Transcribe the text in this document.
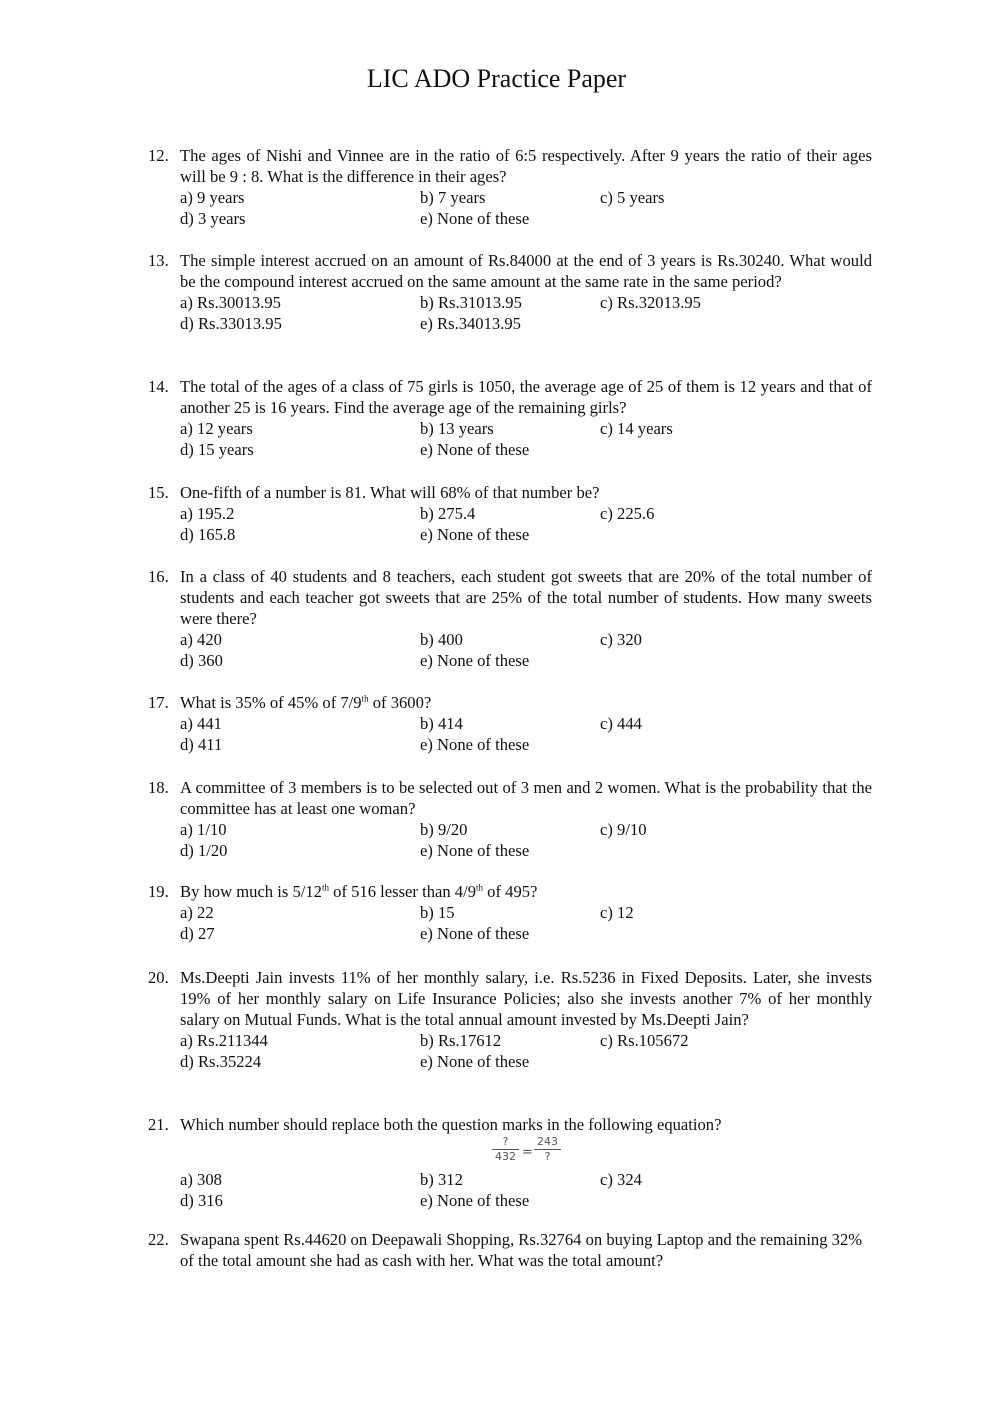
LIC ADO Practice Paper
12. The ages of Nishi and Vinnee are in the ratio of 6:5 respectively. After 9 years the ratio of their ages will be 9 : 8. What is the difference in their ages?
a) 9 years	b) 7 years	c) 5 years
d) 3 years	e) None of these
13. The simple interest accrued on an amount of Rs.84000 at the end of 3 years is Rs.30240. What would be the compound interest accrued on the same amount at the same rate in the same period?
a) Rs.30013.95	b) Rs.31013.95	c) Rs.32013.95
d) Rs.33013.95	e) Rs.34013.95
14. The total of the ages of a class of 75 girls is 1050, the average age of 25 of them is 12 years and that of another 25 is 16 years. Find the average age of the remaining girls?
a) 12 years	b) 13 years	c) 14 years
d) 15 years	e) None of these
15. One-fifth of a number is 81. What will 68% of that number be?
a) 195.2	b) 275.4	c) 225.6
d) 165.8	e) None of these
16. In a class of 40 students and 8 teachers, each student got sweets that are 20% of the total number of students and each teacher got sweets that are 25% of the total number of students. How many sweets were there?
a) 420	b) 400	c) 320
d) 360	e) None of these
17. What is 35% of 45% of 7/9th of 3600?
a) 441	b) 414	c) 444
d) 411	e) None of these
18. A committee of 3 members is to be selected out of 3 men and 2 women. What is the probability that the committee has at least one woman?
a) 1/10	b) 9/20	c) 9/10
d) 1/20	e) None of these
19. By how much is 5/12th of 516 lesser than 4/9th of 495?
a) 22	b) 15	c) 12
d) 27	e) None of these
20. Ms.Deepti Jain invests 11% of her monthly salary, i.e. Rs.5236 in Fixed Deposits. Later, she invests 19% of her monthly salary on Life Insurance Policies; also she invests another 7% of her monthly salary on Mutual Funds. What is the total annual amount invested by Ms.Deepti Jain?
a) Rs.211344	b) Rs.17612	c) Rs.105672
d) Rs.35224	e) None of these
21. Which number should replace both the question marks in the following equation?
?
432 =
243
?
a) 308	b) 312	c) 324
d) 316	e) None of these
22. Swapana spent Rs.44620 on Deepawali Shopping, Rs.32764 on buying Laptop and the remaining 32% of the total amount she had as cash with her. What was the total amount?
